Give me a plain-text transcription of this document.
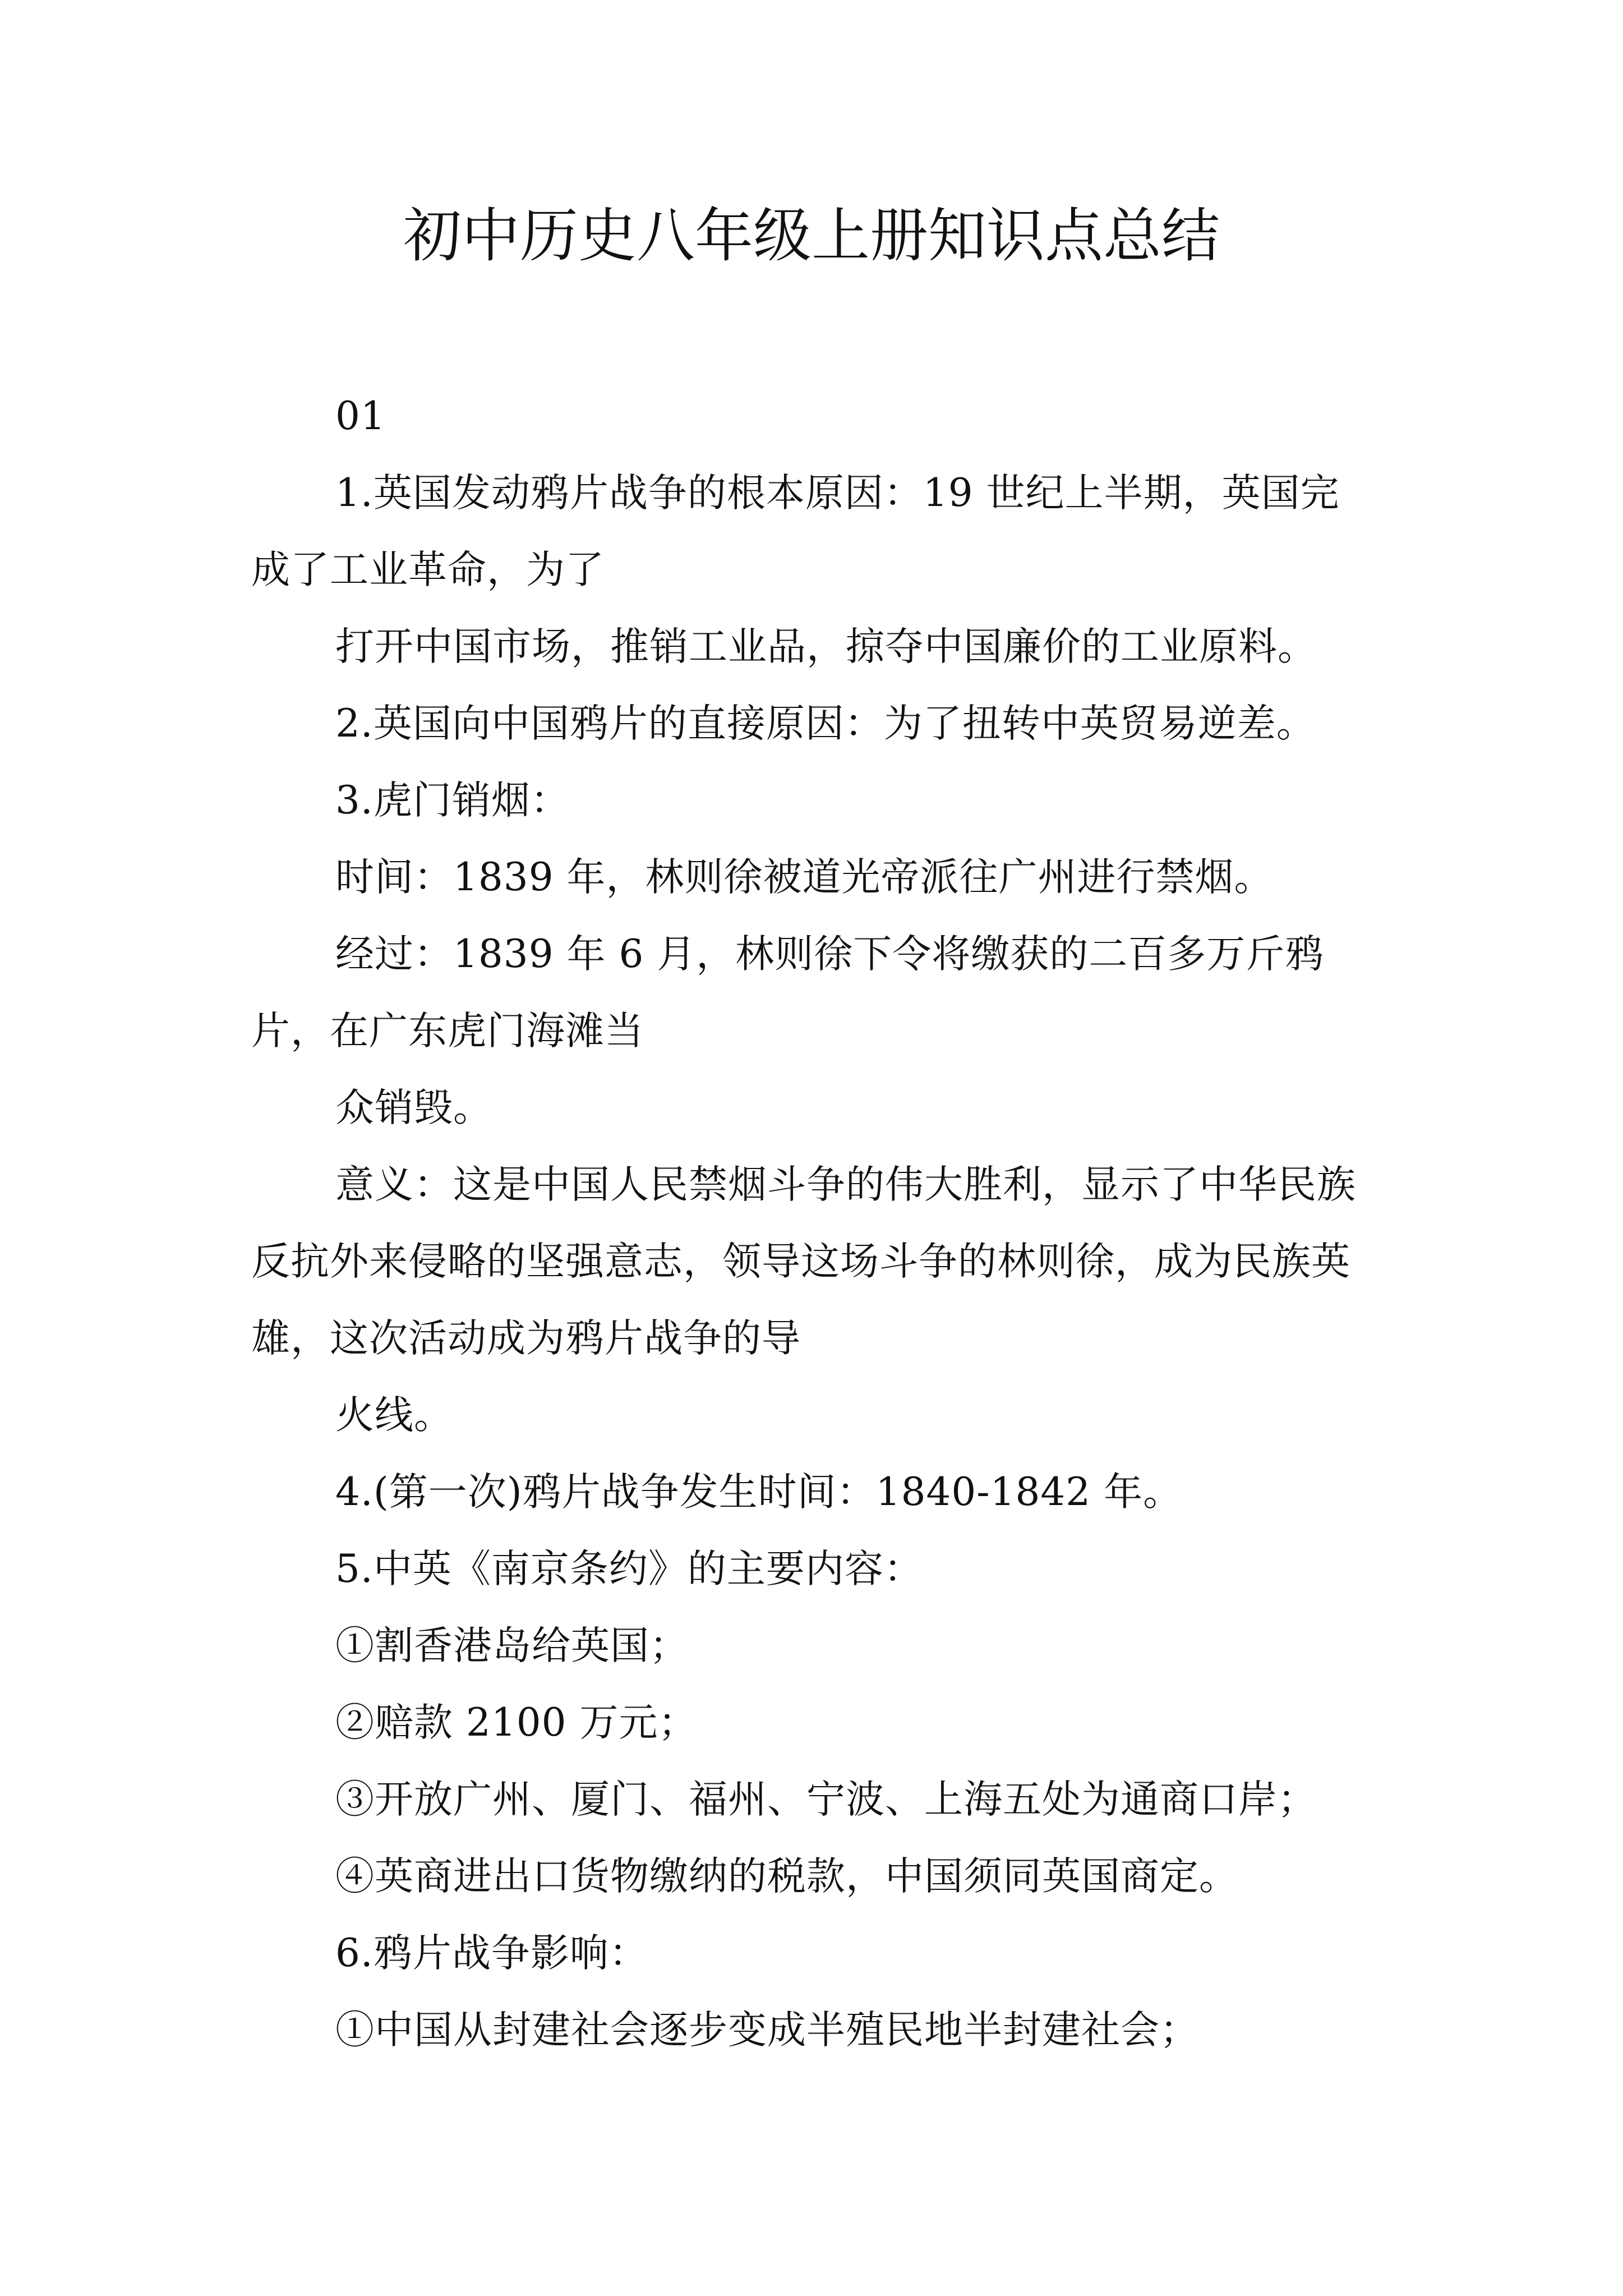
初中历史八年级上册知识点总结

01

1.英国发动鸦片战争的根本原因：19 世纪上半期，英国完成了工业革命，为了

打开中国市场，推销工业品，掠夺中国廉价的工业原料。

2.英国向中国鸦片的直接原因：为了扭转中英贸易逆差。

3.虎门销烟：

时间：1839 年，林则徐被道光帝派往广州进行禁烟。

经过：1839 年 6 月，林则徐下令将缴获的二百多万斤鸦片，在广东虎门海滩当

众销毁。

意义：这是中国人民禁烟斗争的伟大胜利，显示了中华民族反抗外来侵略的坚强意志，领导这场斗争的林则徐，成为民族英雄，这次活动成为鸦片战争的导

火线。

4.(第一次)鸦片战争发生时间：1840-1842 年。

5.中英《南京条约》的主要内容：

①割香港岛给英国；

②赔款 2100 万元；

③开放广州、厦门、福州、宁波、上海五处为通商口岸；

④英商进出口货物缴纳的税款，中国须同英国商定。

6.鸦片战争影响：

①中国从封建社会逐步变成半殖民地半封建社会；
